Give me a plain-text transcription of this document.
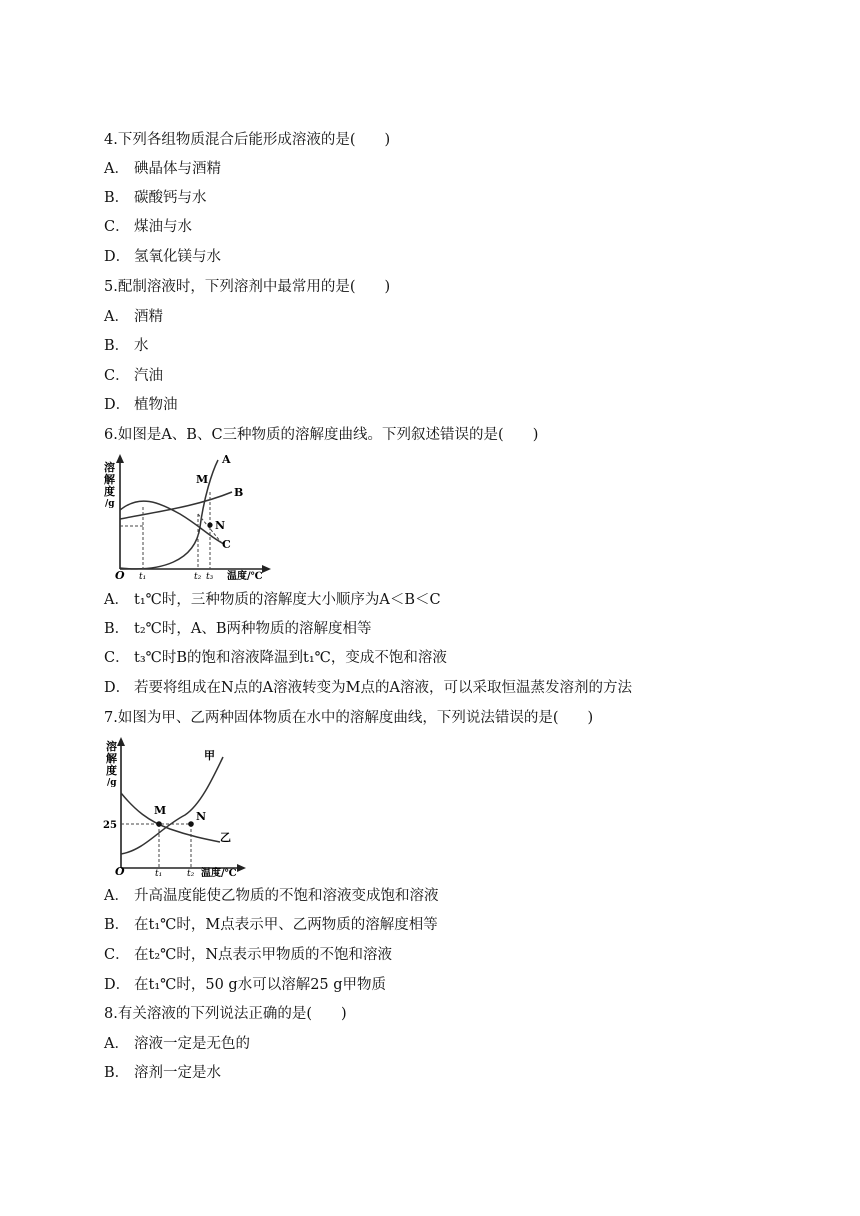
4.下列各组物质混合后能形成溶液的是(　　)
A． 碘晶体与酒精
B． 碳酸钙与水
C． 煤油与水
D． 氢氧化镁与水
5.配制溶液时，下列溶剂中最常用的是(　　)
A． 酒精
B． 水
C． 汽油
D． 植物油
6.如图是A、B、C三种物质的溶解度曲线。下列叙述错误的是(　　)
溶 解 度 /g
A
B
C
M
N
O t₁	t₂ t₃ 温度/℃
A． t₁℃时，三种物质的溶解度大小顺序为A＜B＜C
B． t₂℃时，A、B两种物质的溶解度相等
C． t₃℃时B的饱和溶液降温到t₁℃，变成不饱和溶液
D． 若要将组成在N点的A溶液转变为M点的A溶液，可以采取恒温蒸发溶剂的方法
7.如图为甲、乙两种固体物质在水中的溶解度曲线，下列说法错误的是(　　)
溶 解 度 /g
甲
乙
M	N
25
O	t₁	t₂ 温度/℃
A． 升高温度能使乙物质的不饱和溶液变成饱和溶液
B． 在t₁℃时，M点表示甲、乙两物质的溶解度相等
C． 在t₂℃时，N点表示甲物质的不饱和溶液
D． 在t₁℃时，50 g水可以溶解25 g甲物质
8.有关溶液的下列说法正确的是(　　)
A． 溶液一定是无色的
B． 溶剂一定是水
